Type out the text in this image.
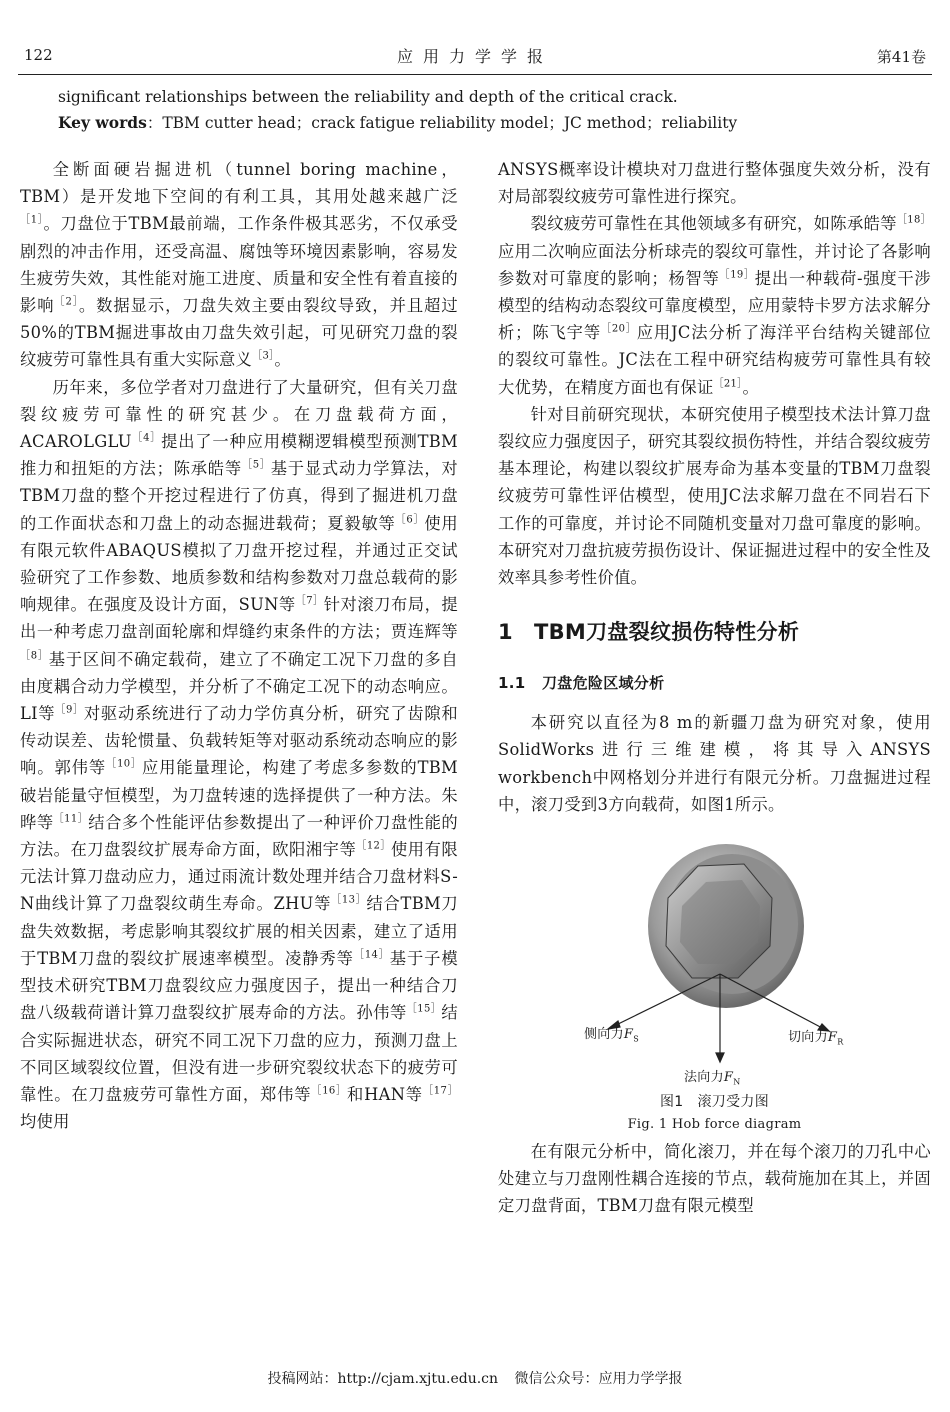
122	应用力学学报	第41卷
significant relationships between the reliability and depth of the critical crack.
Key words：TBM cutter head；crack fatigue reliability model；JC method；reliability

全断面硬岩掘进机（tunnel boring machine，TBM）是开发地下空间的有利工具，其用处越来越广泛$^{[1]}$。刀盘位于TBM最前端，工作条件极其恶劣，不仅承受剧烈的冲击作用，还受高温、腐蚀等环境因素影响，容易发生疲劳失效，其性能对施工进度、质量和安全性有着直接的影响$^{[2]}$。数据显示，刀盘失效主要由裂纹导致，并且超过50%的TBM掘进事故由刀盘失效引起，可见研究刀盘的裂纹疲劳可靠性具有重大实际意义$^{[3]}$。

历年来，多位学者对刀盘进行了大量研究，但有关刀盘裂纹疲劳可靠性的研究甚少。在刀盘载荷方面，$ACAROLGLU^{[4]}$提出了一种应用模糊逻辑模型预测TBM推力和扭矩的方法；陈承皓等$^{[5]}$基于显式动力学算法，对TBM刀盘的整个开挖过程进行了仿真，得到了掘进机刀盘的工作面状态和刀盘上的动态掘进载荷；夏毅敏等$^{[6]}$使用有限元软件ABAQUS模拟了刀盘开挖过程，并通过正交试验研究了工作参数、地质参数和结构参数对刀盘总载荷的影响规律。在强度及设计方面，SUN等$^{[7]}$针对滚刀布局，提出一种考虑刀盘剖面轮廓和焊缝约束条件的方法；贾连辉等$^{[8]}$基于区间不确定载荷，建立了不确定工况下刀盘的多自由度耦合动力学模型，并分析了不确定工况下的动态响应。LI等$^{[9]}$对驱动系统进行了动力学仿真分析，研究了齿隙和传动误差、齿轮惯量、负载转矩等对驱动系统动态响应的影响。郭伟等$^{[10]}$应用能量理论，构建了考虑多参数的TBM破岩能量守恒模型，为刀盘转速的选择提供了一种方法。朱晔等$^{[11]}$结合多个性能评估参数提出了一种评价刀盘性能的方法。在刀盘裂纹扩展寿命方面，欧阳湘宇等$^{[12]}$使用有限元法计算刀盘动应力，通过雨流计数处理并结合刀盘材料S-N曲线计算了刀盘裂纹萌生寿命。ZHU等$^{[13]}$结合TBM刀盘失效数据，考虑影响其裂纹扩展的相关因素，建立了适用于TBM刀盘的裂纹扩展速率模型。凌静秀等$^{[14]}$基于子模型技术研究TBM刀盘裂纹应力强度因子，提出一种结合刀盘八级载荷谱计算刀盘裂纹扩展寿命的方法。孙伟等$^{[15]}$结合实际掘进状态，研究不同工况下刀盘的应力，预测刀盘上不同区域裂纹位置，但没有进一步研究裂纹状态下的疲劳可靠性。在刀盘疲劳可靠性方面，郑伟等$^{[16]}$和HAN等$^{[17]}$均使用

ANSYS概率设计模块对刀盘进行整体强度失效分析，没有对局部裂纹疲劳可靠性进行探究。

裂纹疲劳可靠性在其他领域多有研究，如陈承皓等$^{[18]}$应用二次响应面法分析球壳的裂纹可靠性，并讨论了各影响参数对可靠度的影响；杨智等$^{[19]}$提出一种载荷-强度干涉模型的结构动态裂纹可靠度模型，应用蒙特卡罗方法求解分析；陈飞宇等$^{[20]}$应用JC法分析了海洋平台结构关键部位的裂纹可靠性。JC法在工程中研究结构疲劳可靠性具有较大优势，在精度方面也有保证$^{[21]}$。

针对目前研究现状，本研究使用子模型技术法计算刀盘裂纹应力强度因子，研究其裂纹损伤特性，并结合裂纹疲劳基本理论，构建以裂纹扩展寿命为基本变量的TBM刀盘裂纹疲劳可靠性评估模型，使用JC法求解刀盘在不同岩石下工作的可靠度，并讨论不同随机变量对刀盘可靠度的影响。本研究对刀盘抗疲劳损伤设计、保证掘进过程中的安全性及效率具参考性价值。

1 TBM刀盘裂纹损伤特性分析
1.1 刀盘危险区域分析

本研究以直径为8 m的新疆刀盘为研究对象，使用SolidWorks进行三维建模，将其导入ANSYS workbench中网格划分并进行有限元分析。刀盘掘进过程中，滚刀受到3方向载荷，如图1所示。

侧向力$F_S$	切向力$F_R$
法向力$F_N$
图1 滚刀受力图
Fig. 1 Hob force diagram

在有限元分析中，简化滚刀，并在每个滚刀的刀孔中心处建立与刀盘刚性耦合连接的节点，载荷施加在其上，并固定刀盘背面，TBM刀盘有限元模型

投稿网站：http://cjam.xjtu.edu.cn 微信公众号：应用力学学报
